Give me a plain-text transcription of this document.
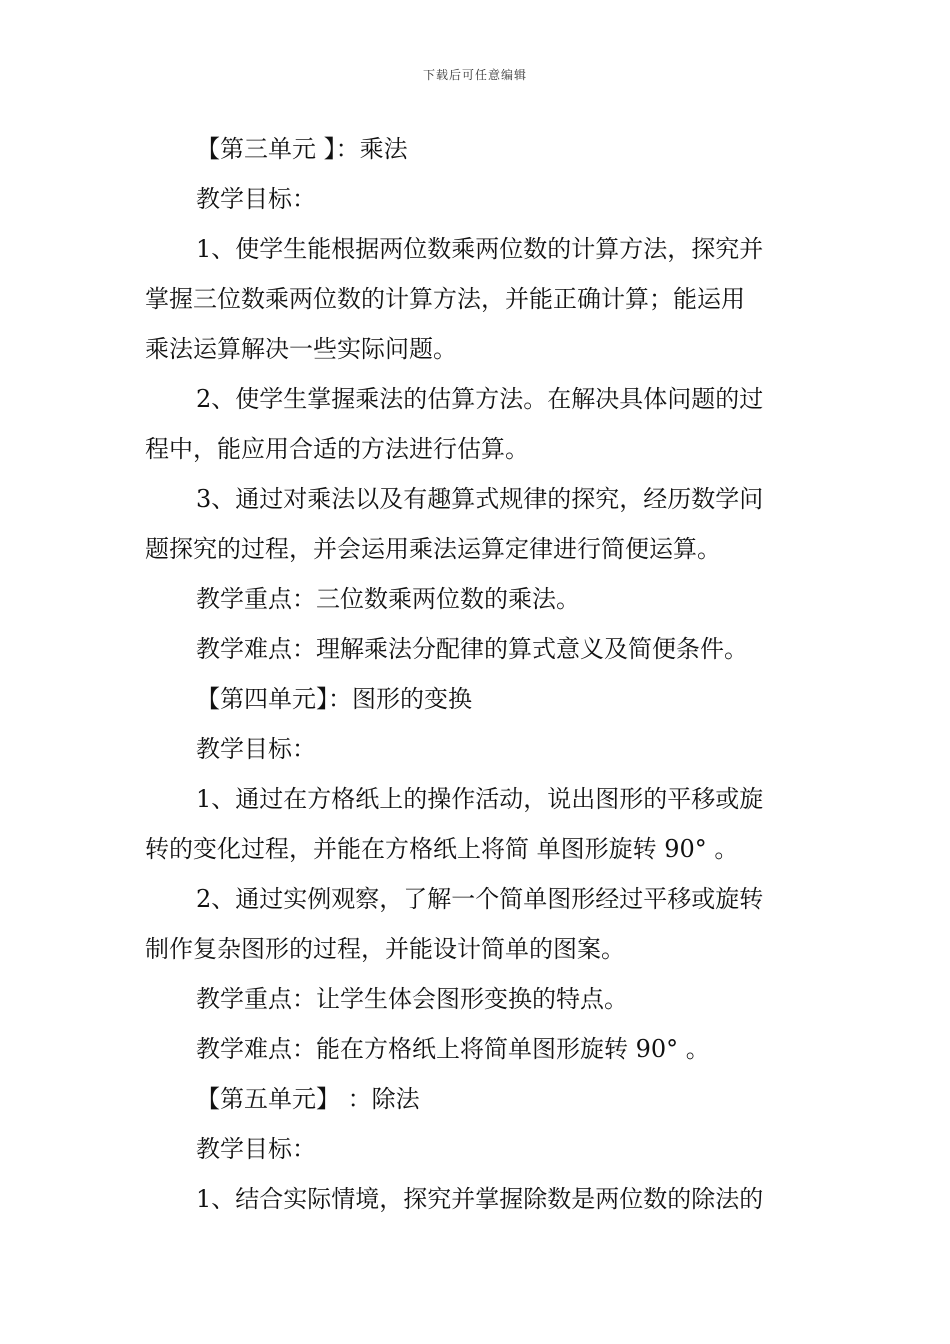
下载后可任意编辑
【第三单元 】：乘法
教学目标：
1、使学生能根据两位数乘两位数的计算方法，探究并
掌握三位数乘两位数的计算方法，并能正确计算；能运用
乘法运算解决一些实际问题。
2、使学生掌握乘法的估算方法。在解决具体问题的过
程中，能应用合适的方法进行估算。
3、通过对乘法以及有趣算式规律的探究，经历数学问
题探究的过程，并会运用乘法运算定律进行简便运算。
教学重点：三位数乘两位数的乘法。
教学难点：理解乘法分配律的算式意义及简便条件。
【第四单元】：图形的变换
教学目标：
1、通过在方格纸上的操作活动，说出图形的平移或旋
转的变化过程，并能在方格纸上将简 单图形旋转 90° 。
2、通过实例观察，了解一个简单图形经过平移或旋转
制作复杂图形的过程，并能设计简单的图案。
教学重点：让学生体会图形变换的特点。
教学难点：能在方格纸上将简单图形旋转 90° 。
【第五单元】 ：除法
教学目标：
1、结合实际情境，探究并掌握除数是两位数的除法的
